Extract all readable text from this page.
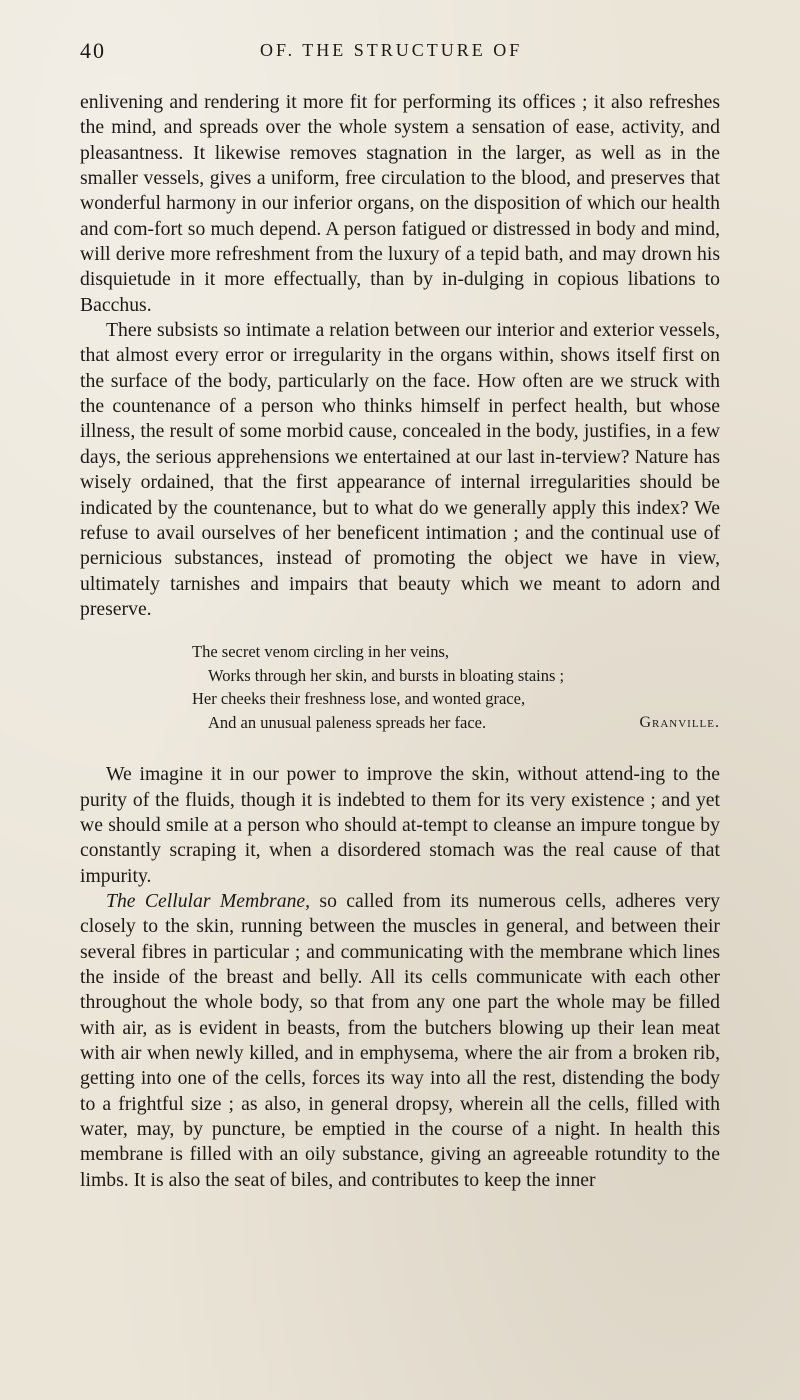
40	OF. THE STRUCTURE OF

enlivening and rendering it more fit for performing its offices ; it also refreshes the mind, and spreads over the whole system a sensation of ease, activity, and pleasantness. It likewise removes stagnation in the larger, as well as in the smaller vessels, gives a uniform, free circulation to the blood, and preserves that wonderful harmony in our inferior organs, on the disposition of which our health and com-fort so much depend. A person fatigued or distressed in body and mind, will derive more refreshment from the luxury of a tepid bath, and may drown his disquietude in it more effectually, than by in-dulging in copious libations to Bacchus.

There subsists so intimate a relation between our interior and exterior vessels, that almost every error or irregularity in the organs within, shows itself first on the surface of the body, particularly on the face. How often are we struck with the countenance of a person who thinks himself in perfect health, but whose illness, the result of some morbid cause, concealed in the body, justifies, in a few days, the serious apprehensions we entertained at our last in-terview? Nature has wisely ordained, that the first appearance of internal irregularities should be indicated by the countenance, but to what do we generally apply this index? We refuse to avail ourselves of her beneficent intimation ; and the continual use of pernicious substances, instead of promoting the object we have in view, ultimately tarnishes and impairs that beauty which we meant to adorn and preserve.

The secret venom circling in her veins,
Works through her skin, and bursts in bloating stains ;
Her cheeks their freshness lose, and wonted grace,
And an unusual paleness spreads her face.	Granville.

We imagine it in our power to improve the skin, without attend-ing to the purity of the fluids, though it is indebted to them for its very existence ; and yet we should smile at a person who should at-tempt to cleanse an impure tongue by constantly scraping it, when a disordered stomach was the real cause of that impurity.

The Cellular Membrane, so called from its numerous cells, adheres very closely to the skin, running between the muscles in general, and between their several fibres in particular ; and communicating with the membrane which lines the inside of the breast and belly. All its cells communicate with each other throughout the whole body, so that from any one part the whole may be filled with air, as is evident in beasts, from the butchers blowing up their lean meat with air when newly killed, and in emphysema, where the air from a broken rib, getting into one of the cells, forces its way into all the rest, distending the body to a frightful size ; as also, in general dropsy, wherein all the cells, filled with water, may, by puncture, be emptied in the course of a night. In health this membrane is filled with an oily substance, giving an agreeable rotundity to the limbs. It is also the seat of biles, and contributes to keep the inner
